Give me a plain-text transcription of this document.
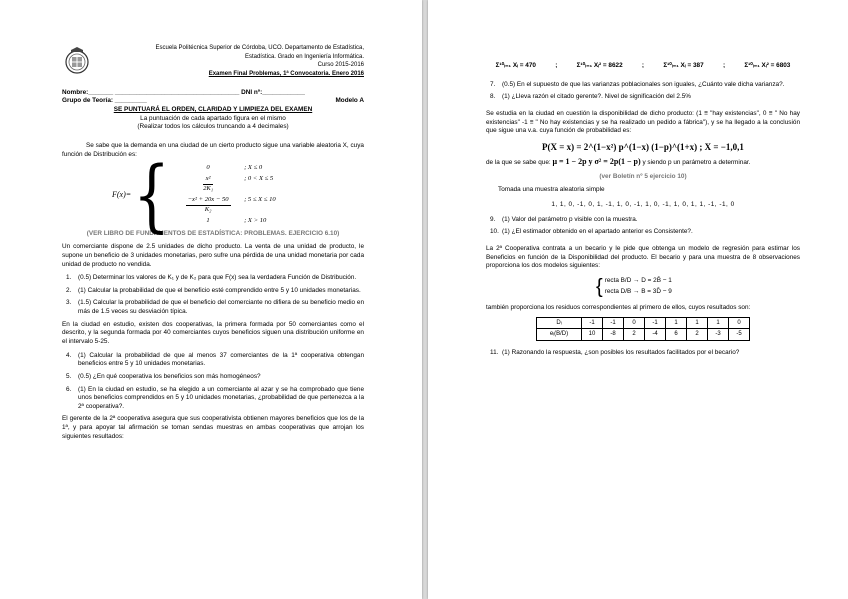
Escuela Politécnica Superior de Córdoba, UCO. Departamento de Estadística,
Estadística. Grado en Ingeniería Informática.
Curso 2015-2016
Examen Final Problemas, 1ª Convocatoria. Enero 2016
Nombre:_______ ___________________________________ DNI nº:____________
Grupo de Teoría: _________	Modelo A
SE PUNTUARÁ EL ORDEN, CLARIDAD Y LIMPIEZA DEL EXAMEN
La puntuación de cada apartado figura en el mismo
(Realizar todos los cálculos truncando a 4 decimales)

Se sabe que la demanda en una ciudad de un cierto producto sigue una variable aleatoria X, cuya función de Distribución es:

F(x)= {	0	; X ≤ 0
$\frac{\text{x²}}{\text{2K₁}}$	; 0 < X ≤ 5
$\frac{\text{−x² + 20x − 50}}{\text{K₂}}$ ; 5 ≤ X ≤ 10
1	; X > 10

(VER LIBRO DE FUNDAMENTOS DE ESTADÍSTICA: PROBLEMAS. EJERCICIO 6.10)

Un comerciante dispone de 2.5 unidades de dicho producto. La venta de una unidad de producto, le supone un beneficio de 3 unidades monetarias, pero sufre una pérdida de una unidad monetaria por cada unidad de producto no vendida.

1.	(0.5) Determinar los valores de K₁ y de K₂ para que F(x) sea la verdadera Función de Distribución.
2.	(1) Calcular la probabilidad de que el beneficio esté comprendido entre 5 y 10 unidades monetarias.
3.	(1.5) Calcular la probabilidad de que el beneficio del comerciante no difiera de su beneficio medio en más de 1.5 veces su desviación típica.

En la ciudad en estudio, existen dos cooperativas, la primera formada por 50 comerciantes como el descrito, y la segunda formada por 40 comerciantes cuyos beneficios siguen una distribución uniforme en el intervalo 5-25.

4.	(1) Calcular la probabilidad de que al menos 37 comerciantes de la 1ª cooperativa obtengan beneficios entre 5 y 10 unidades monetarias.
5.	(0.5) ¿En qué cooperativa los beneficios son más homogéneos?
6.	(1) En la ciudad en estudio, se ha elegido a un comerciante al azar y se ha comprobado que tiene unos beneficios comprendidos en 5 y 10 unidades monetarias, ¿probabilidad de que pertenezca a la 2ª cooperativa?.

El gerente de la 2ª cooperativa asegura que sus cooperativista obtienen mayores beneficios que los de la 1ª, y para apoyar tal afirmación se toman sendas muestras en ambas cooperativas que arrojan los siguientes resultados:

Σ¹⁰ᵢ₌₁ Xᵢ = 470	;	Σ¹⁰ᵢ₌₁ Xᵢ² = 8622	;	Σ¹⁰ᵢ₌₁ Xᵢ = 387	;	Σ¹⁰ᵢ₌₁ Xᵢ² = 6803
7.	(0.5) En el supuesto de que las varianzas poblacionales son iguales, ¿Cuánto vale dicha varianza?.
8.	(1) ¿Lleva razón el citado gerente?. Nivel de significación del 2.5%

Se estudia en la ciudad en cuestión la disponibilidad de dicho producto: (1 ≡ "hay existencias", 0 ≡ " No hay existencias" -1 ≡ " No hay existencias y se ha realizado un pedido a fábrica"), y se ha llegado a la conclusión que sigue una v.a. cuya función de probabilidad es:

P(X = x) = 2^(1−x²) p^(1−x) (1−p)^(1+x) ; X = −1,0,1

de la que se sabe que: μ = 1 − 2p y σ² = 2p(1 − p) y siendo p un parámetro a determinar.

(ver Boletín nº 5 ejercicio 10)

Tomada una muestra aleatoria simple

1, 1, 0, -1, 0, 1, -1, 1, 0, -1, 1, 0, -1, 1, 0, 1, 1, -1, -1, 0
9.	(1) Valor del parámetro p visible con la muestra.
10. (1) ¿El estimador obtenido en el apartado anterior es Consistente?.

La 2ª Cooperativa contrata a un becario y le pide que obtenga un modelo de regresión para estimar los Beneficios en función de la Disponibilidad del producto. El becario y para una muestra de 8 observaciones proporciona los dos modelos siguientes:

{ recta B/D → D = 2B̄ − 1
recta D/B → B = 3D̄ − 9

también proporciona los residuos correspondientes al primero de ellos, cuyos resultados son:

Dᵢ	-1	-1	0	-1	1	1	1	0
eᵢ(B/D)	10	-8	2	-4	6	2	-3	-5
11. (1) Razonando la respuesta, ¿son posibles los resultados facilitados por el becario?
